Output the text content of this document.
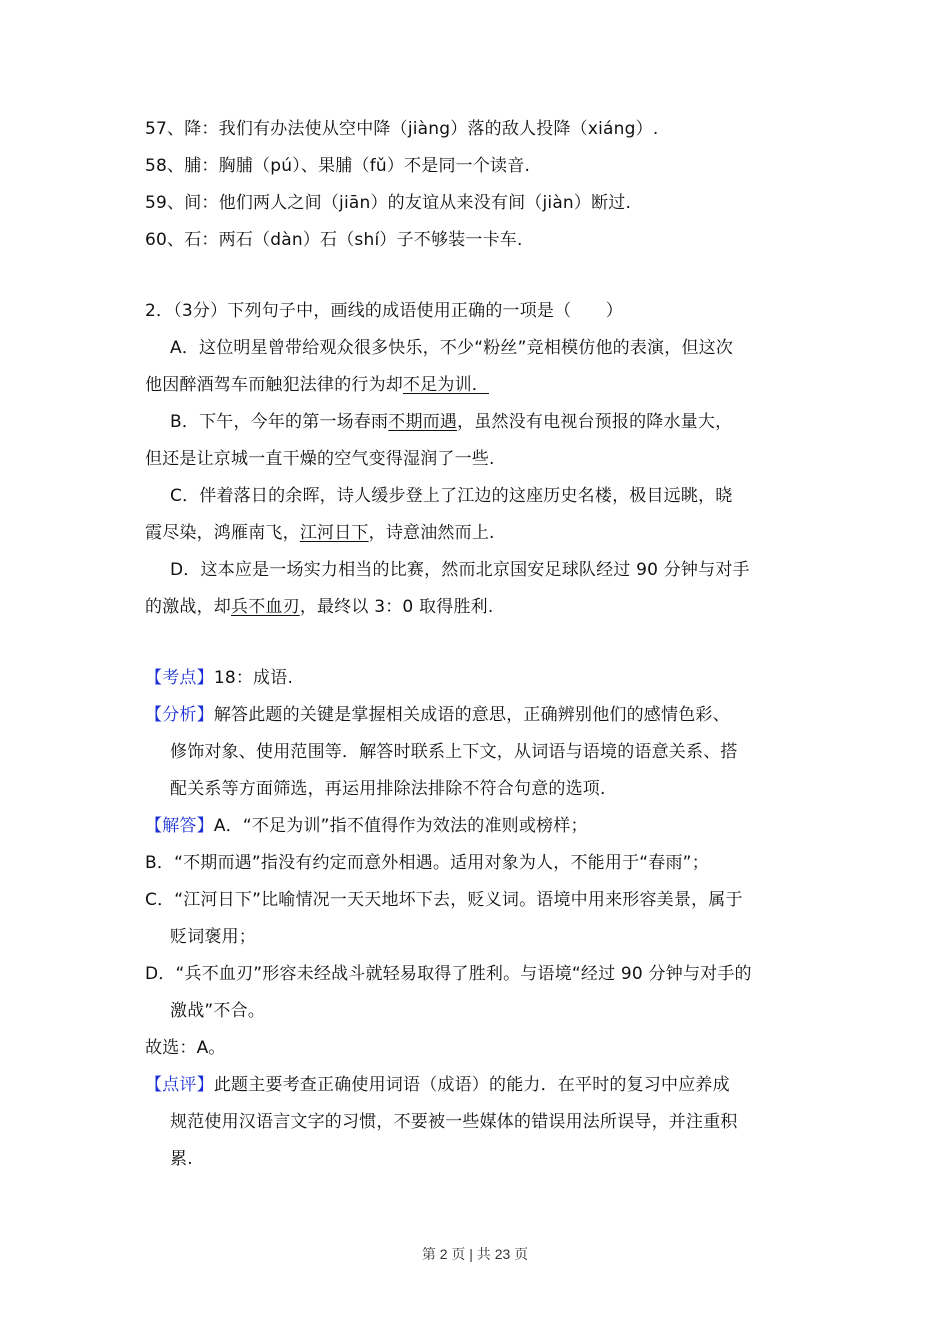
57、降：我们有办法使从空中降（jiàng）落的敌人投降（xiáng）.
58、脯：胸脯（pú）、果脯（fǔ）不是同一个读音.
59、间：他们两人之间（jiān）的友谊从来没有间（jiàn）断过.
60、石：两石（dàn）石（shí）子不够装一卡车.
2．（3分）下列句子中，画线的成语使用正确的一项是（　　）
A．这位明星曾带给观众很多快乐，不少“粉丝”竞相模仿他的表演，但这次
他因醉酒驾车而触犯法律的行为却不足为训．
B．下午，今年的第一场春雨不期而遇，虽然没有电视台预报的降水量大，
但还是让京城一直干燥的空气变得湿润了一些.
C．伴着落日的余晖，诗人缓步登上了江边的这座历史名楼，极目远眺，晓
霞尽染，鸿雁南飞，江河日下，诗意油然而上.
D．这本应是一场实力相当的比赛，然而北京国安足球队经过 90 分钟与对手
的激战，却兵不血刃，最终以 3：0 取得胜利.
【考点】18：成语.
【分析】解答此题的关键是掌握相关成语的意思，正确辨别他们的感情色彩、
修饰对象、使用范围等．解答时联系上下文，从词语与语境的语意关系、搭
配关系等方面筛选，再运用排除法排除不符合句意的选项.
【解答】A．“不足为训”指不值得作为效法的准则或榜样；
B．“不期而遇”指没有约定而意外相遇。适用对象为人，不能用于“春雨”；
C．“江河日下”比喻情况一天天地坏下去，贬义词。语境中用来形容美景，属于
贬词褒用；
D．“兵不血刃”形容未经战斗就轻易取得了胜利。与语境“经过 90 分钟与对手的
激战”不合。
故选：A。
【点评】此题主要考查正确使用词语（成语）的能力．在平时的复习中应养成
规范使用汉语言文字的习惯，不要被一些媒体的错误用法所误导，并注重积
累.
第 2 页 | 共 23 页
